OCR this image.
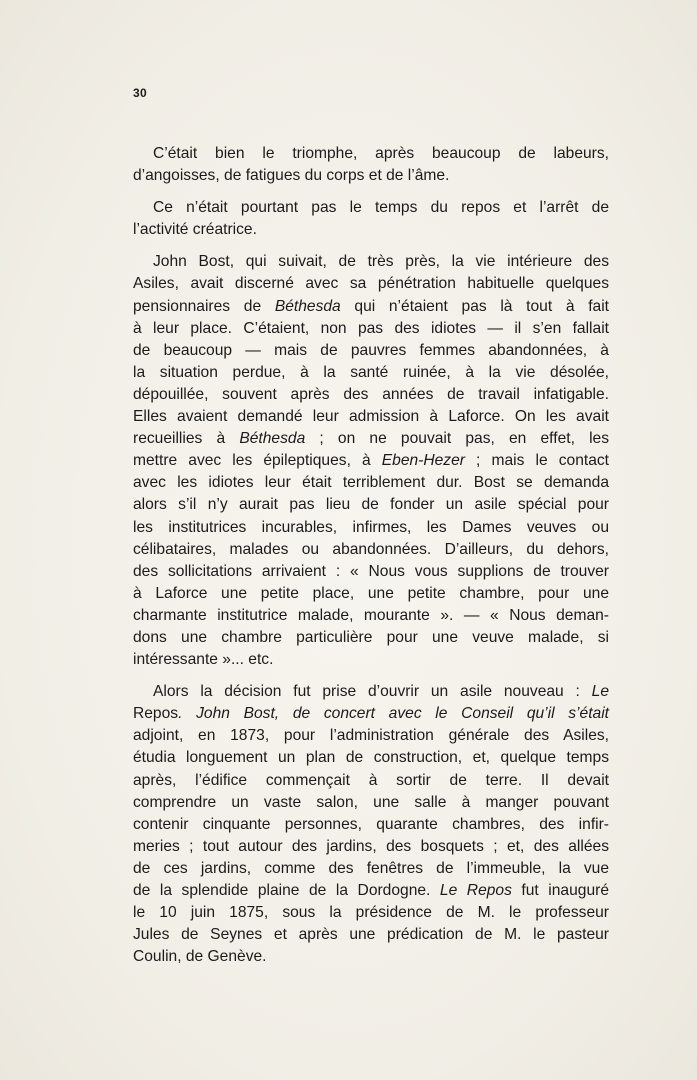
30

C’était bien le triomphe, après beaucoup de labeurs,
d’angoisses, de fatigues du corps et de l’âme.

Ce n’était pourtant pas le temps du repos et l’arrêt de
l’activité créatrice.

John Bost, qui suivait, de très près, la vie intérieure des
Asiles, avait discerné avec sa pénétration habituelle quelques
pensionnaires de Béthesda qui n’étaient pas là tout à fait
à leur place. C’étaient, non pas des idiotes — il s’en fallait
de beaucoup — mais de pauvres femmes abandonnées, à
la situation perdue, à la santé ruinée, à la vie désolée,
dépouillée, souvent après des années de travail infatigable.
Elles avaient demandé leur admission à Laforce. On les avait
recueillies à Béthesda ; on ne pouvait pas, en effet, les
mettre avec les épileptiques, à Eben-Hezer ; mais le contact
avec les idiotes leur était terriblement dur. Bost se demanda
alors s’il n’y aurait pas lieu de fonder un asile spécial pour
les institutrices incurables, infirmes, les Dames veuves ou
célibataires, malades ou abandonnées. D’ailleurs, du dehors,
des sollicitations arrivaient : « Nous vous supplions de trouver
à Laforce une petite place, une petite chambre, pour une
charmante institutrice malade, mourante ». — « Nous deman-
dons une chambre particulière pour une veuve malade, si
intéressante »... etc.

Alors la décision fut prise d’ouvrir un asile nouveau : Le
Repos. John Bost, de concert avec le Conseil qu’il s’était
adjoint, en 1873, pour l’administration générale des Asiles,
étudia longuement un plan de construction, et, quelque temps
après, l’édifice commençait à sortir de terre. Il devait
comprendre un vaste salon, une salle à manger pouvant
contenir cinquante personnes, quarante chambres, des infir-
meries ; tout autour des jardins, des bosquets ; et, des allées
de ces jardins, comme des fenêtres de l’immeuble, la vue
de la splendide plaine de la Dordogne. Le Repos fut inauguré
le 10 juin 1875, sous la présidence de M. le professeur
Jules de Seynes et après une prédication de M. le pasteur
Coulin, de Genève.
